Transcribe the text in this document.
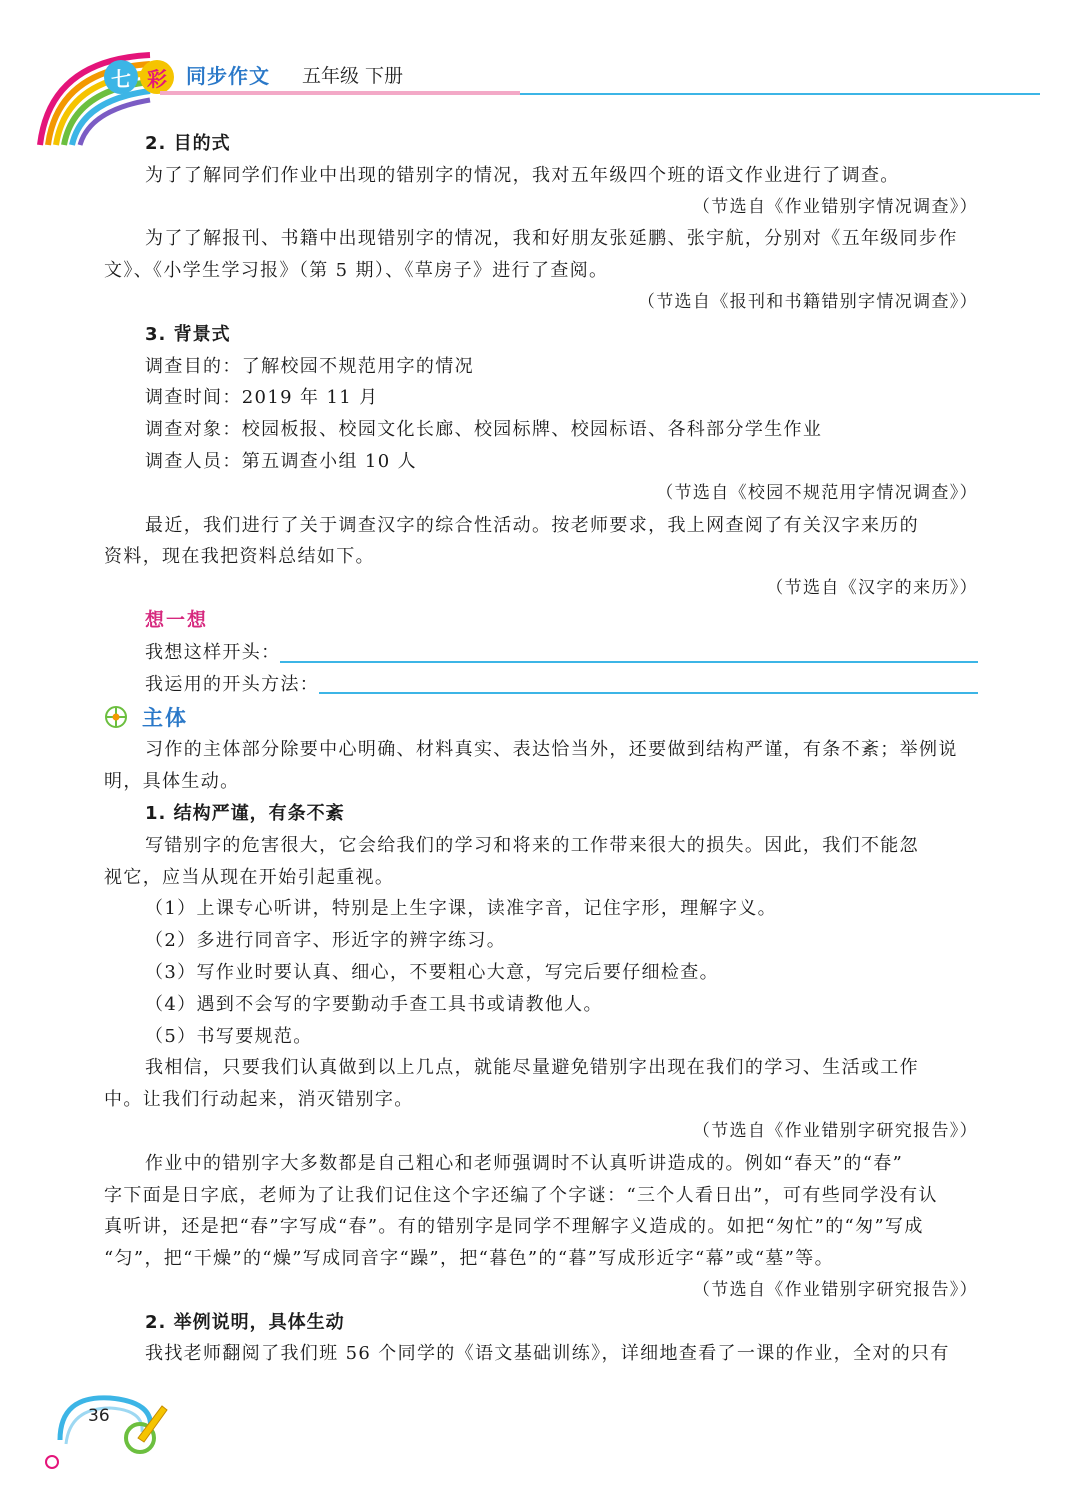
七 彩 同步作文 五年级 下册
2. 目的式
为了了解同学们作业中出现的错别字的情况，我对五年级四个班的语文作业进行了调查。
（节选自《作业错别字情况调查》）
为了了解报刊、书籍中出现错别字的情况，我和好朋友张延鹏、张宇航，分别对《五年级同步作
文》、《小学生学习报》（第 5 期）、《草房子》进行了查阅。
（节选自《报刊和书籍错别字情况调查》）
3. 背景式
调查目的：了解校园不规范用字的情况
调查时间：2019 年 11 月
调查对象：校园板报、校园文化长廊、校园标牌、校园标语、各科部分学生作业
调查人员：第五调查小组 10 人
（节选自《校园不规范用字情况调查》）
最近，我们进行了关于调查汉字的综合性活动。按老师要求，我上网查阅了有关汉字来历的
资料，现在我把资料总结如下。
（节选自《汉字的来历》）
想一想
我想这样开头：
我运用的开头方法：
主体
习作的主体部分除要中心明确、材料真实、表达恰当外，还要做到结构严谨，有条不紊；举例说
明，具体生动。
1. 结构严谨，有条不紊
写错别字的危害很大，它会给我们的学习和将来的工作带来很大的损失。因此，我们不能忽
视它，应当从现在开始引起重视。
（1）上课专心听讲，特别是上生字课，读准字音，记住字形，理解字义。
（2）多进行同音字、形近字的辨字练习。
（3）写作业时要认真、细心，不要粗心大意，写完后要仔细检查。
（4）遇到不会写的字要勤动手查工具书或请教他人。
（5）书写要规范。
我相信，只要我们认真做到以上几点，就能尽量避免错别字出现在我们的学习、生活或工作
中。让我们行动起来，消灭错别字。
（节选自《作业错别字研究报告》）
作业中的错别字大多数都是自己粗心和老师强调时不认真听讲造成的。例如“春天”的“春”
字下面是日字底，老师为了让我们记住这个字还编了个字谜：“三个人看日出”，可有些同学没有认
真听讲，还是把“春”字写成“春”。有的错别字是同学不理解字义造成的。如把“匆忙”的“匆”写成
“匀”，把“干燥”的“燥”写成同音字“躁”，把“暮色”的“暮”写成形近字“幕”或“墓”等。
（节选自《作业错别字研究报告》）
2. 举例说明，具体生动
我找老师翻阅了我们班 56 个同学的《语文基础训练》，详细地查看了一课的作业，全对的只有
36
